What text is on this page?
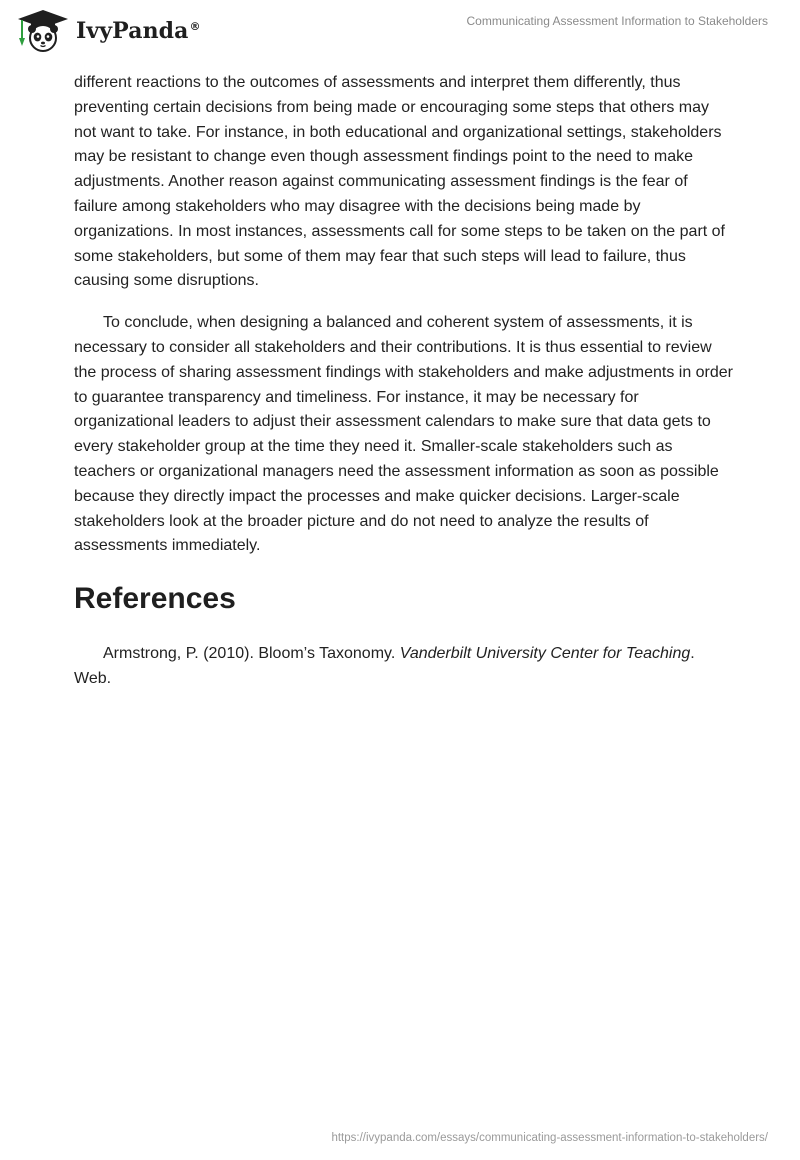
IvyPanda®	Communicating Assessment Information to Stakeholders

different reactions to the outcomes of assessments and interpret them differently, thus preventing certain decisions from being made or encouraging some steps that others may not want to take. For instance, in both educational and organizational settings, stakeholders may be resistant to change even though assessment findings point to the need to make adjustments. Another reason against communicating assessment findings is the fear of failure among stakeholders who may disagree with the decisions being made by organizations. In most instances, assessments call for some steps to be taken on the part of some stakeholders, but some of them may fear that such steps will lead to failure, thus causing some disruptions.

To conclude, when designing a balanced and coherent system of assessments, it is necessary to consider all stakeholders and their contributions. It is thus essential to review the process of sharing assessment findings with stakeholders and make adjustments in order to guarantee transparency and timeliness. For instance, it may be necessary for organizational leaders to adjust their assessment calendars to make sure that data gets to every stakeholder group at the time they need it. Smaller-scale stakeholders such as teachers or organizational managers need the assessment information as soon as possible because they directly impact the processes and make quicker decisions. Larger-scale stakeholders look at the broader picture and do not need to analyze the results of assessments immediately.

References

Armstrong, P. (2010). Bloom’s Taxonomy. Vanderbilt University Center for Teaching. Web.

https://ivypanda.com/essays/communicating-assessment-information-to-stakeholders/
